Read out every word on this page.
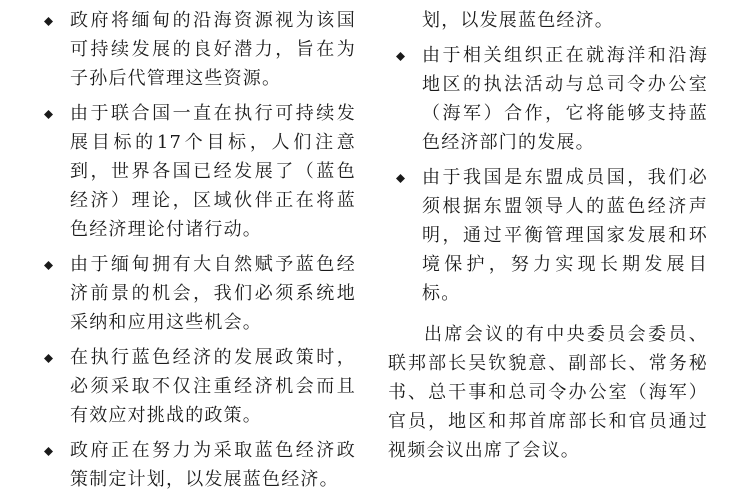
政府将缅甸的沿海资源视为该国可持续发展的良好潜力，旨在为子孙后代管理这些资源。

由于联合国一直在执行可持续发展目标的17个目标，人们注意到，世界各国已经发展了（蓝色经济）理论，区域伙伴正在将蓝色经济理论付诸行动。

由于缅甸拥有大自然赋予蓝色经济前景的机会，我们必须系统地采纳和应用这些机会。

在执行蓝色经济的发展政策时，必须采取不仅注重经济机会而且有效应对挑战的政策。

政府正在努力为采取蓝色经济政策制定计划，以发展蓝色经济。

划，以发展蓝色经济。

由于相关组织正在就海洋和沿海地区的执法活动与总司令办公室（海军）合作，它将能够支持蓝色经济部门的发展。

由于我国是东盟成员国，我们必须根据东盟领导人的蓝色经济声明，通过平衡管理国家发展和环境保护，努力实现长期发展目标。

出席会议的有中央委员会委员、联邦部长吴钦貌意、副部长、常务秘书、总干事和总司令办公室（海军）官员，地区和邦首席部长和官员通过视频会议出席了会议。
